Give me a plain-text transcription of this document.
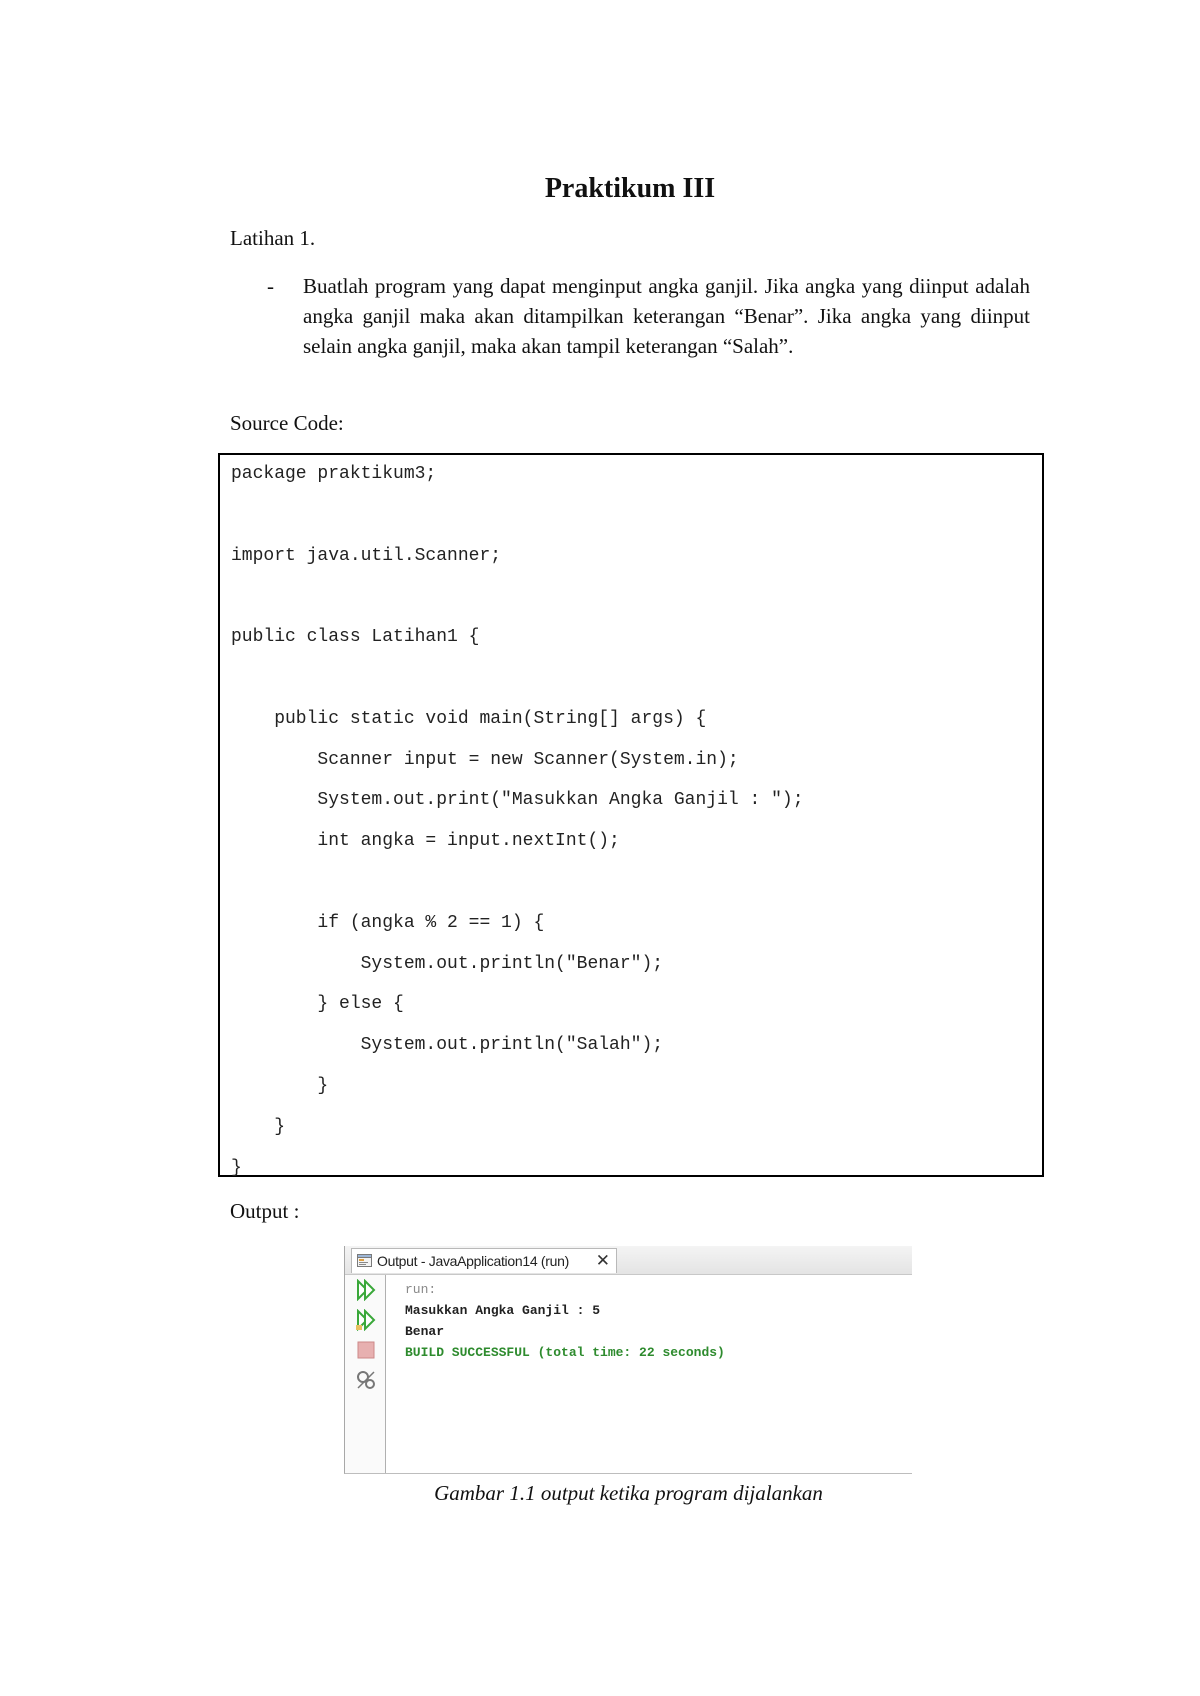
Praktikum III
Latihan 1.
- Buatlah program yang dapat menginput angka ganjil. Jika angka yang diinput adalah angka ganjil maka akan ditampilkan keterangan “Benar”. Jika angka yang diinput selain angka ganjil, maka akan tampil keterangan “Salah”.
Source Code:
package praktikum3;
import java.util.Scanner;
public class Latihan1 {
public static void main(String[] args) {
Scanner input = new Scanner(System.in);
System.out.print("Masukkan Angka Ganjil : ");
int angka = input.nextInt();
if (angka % 2 == 1) {
System.out.println("Benar");
} else {
System.out.println("Salah");
}
}
}
Output :
Output - JavaApplication14 (run) ✕
run:
Masukkan Angka Ganjil : 5
Benar
BUILD SUCCESSFUL (total time: 22 seconds)
Gambar 1.1 output ketika program dijalankan
